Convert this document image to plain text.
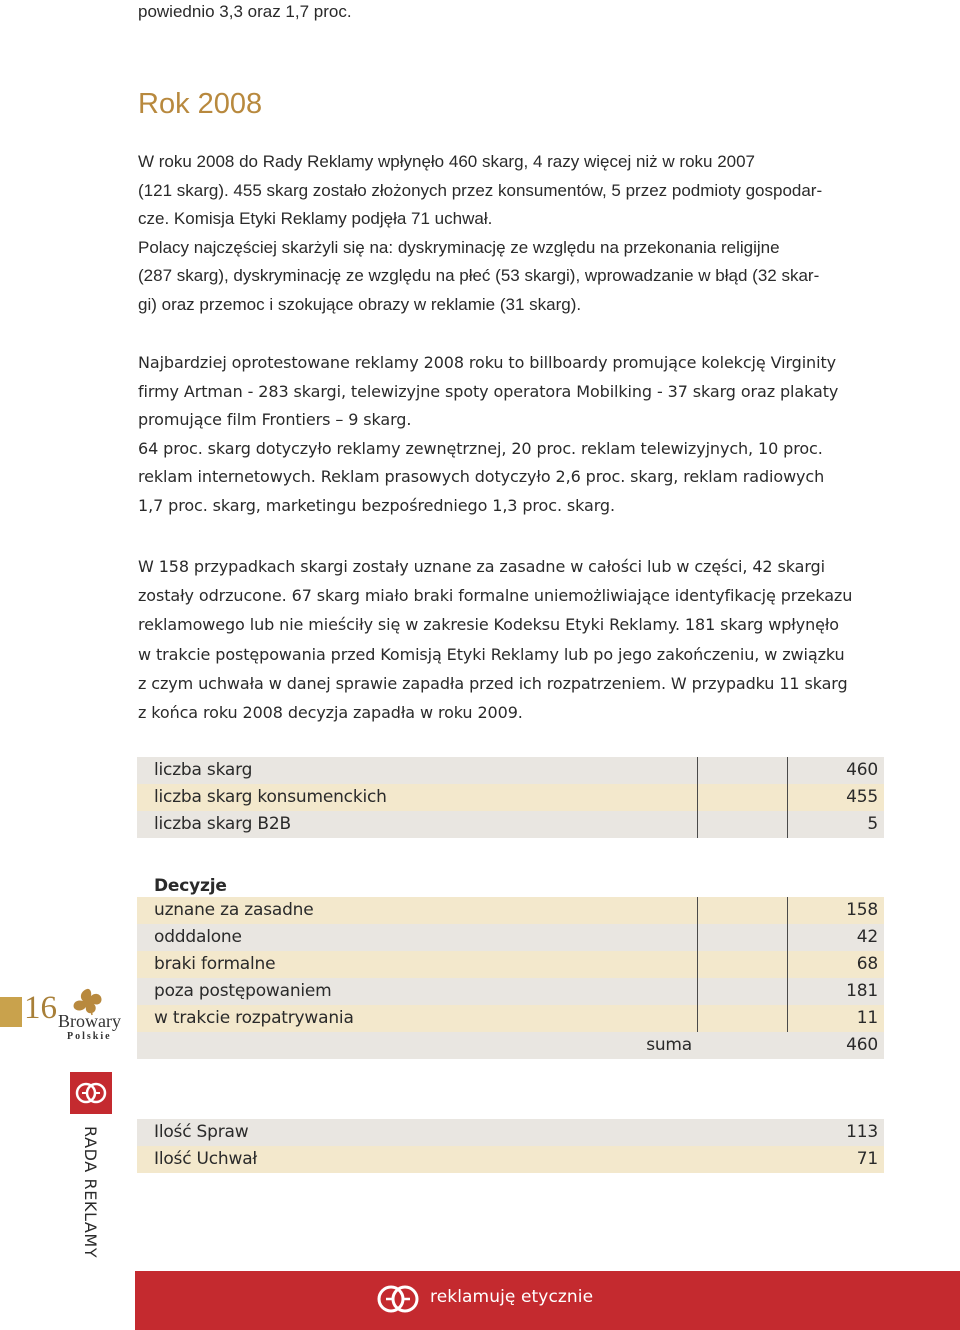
powiednio 3,3 oraz 1,7 proc.
Rok 2008
W roku 2008 do Rady Reklamy wpłynęło 460 skarg, 4 razy więcej niż w roku 2007
(121 skarg). 455 skarg zostało złożonych przez konsumentów, 5 przez podmioty gospodar-
cze. Komisja Etyki Reklamy podjęła 71 uchwał.
Polacy najczęściej skarżyli się na: dyskryminację ze względu na przekonania religijne
(287 skarg), dyskryminację ze względu na płeć (53 skargi), wprowadzanie w błąd (32 skar-
gi) oraz przemoc i szokujące obrazy w reklamie (31 skarg).
Najbardziej oprotestowane reklamy 2008 roku to billboardy promujące kolekcję Virginity
firmy Artman - 283 skargi, telewizyjne spoty operatora Mobilking - 37 skarg oraz plakaty
promujące film Frontiers – 9 skarg.
64 proc. skarg dotyczyło reklamy zewnętrznej, 20 proc. reklam telewizyjnych, 10 proc.
reklam internetowych. Reklam prasowych dotyczyło 2,6 proc. skarg, reklam radiowych
1,7 proc. skarg, marketingu bezpośredniego 1,3 proc. skarg.
W 158 przypadkach skargi zostały uznane za zasadne w całości lub w części, 42 skargi
zostały odrzucone. 67 skarg miało braki formalne uniemożliwiające identyfikację przekazu
reklamowego lub nie mieściły się w zakresie Kodeksu Etyki Reklamy. 181 skarg wpłynęło
w trakcie postępowania przed Komisją Etyki Reklamy lub po jego zakończeniu, w związku
z czym uchwała w danej sprawie zapadła przed ich rozpatrzeniem. W przypadku 11 skarg
z końca roku 2008 decyzja zapadła w roku 2009.
liczba skarg	460
liczba skarg konsumenckich	455
liczba skarg B2B	5
Decyzje
uznane za zasadne	158
odddalone	42
braki formalne	68
poza postępowaniem	181
w trakcie rozpatrywania	11
suma	460
Ilość Spraw	113
Ilość Uchwał	71
16 Browary
Polskie
RADA REKLAMY
reklamuję etycznie
